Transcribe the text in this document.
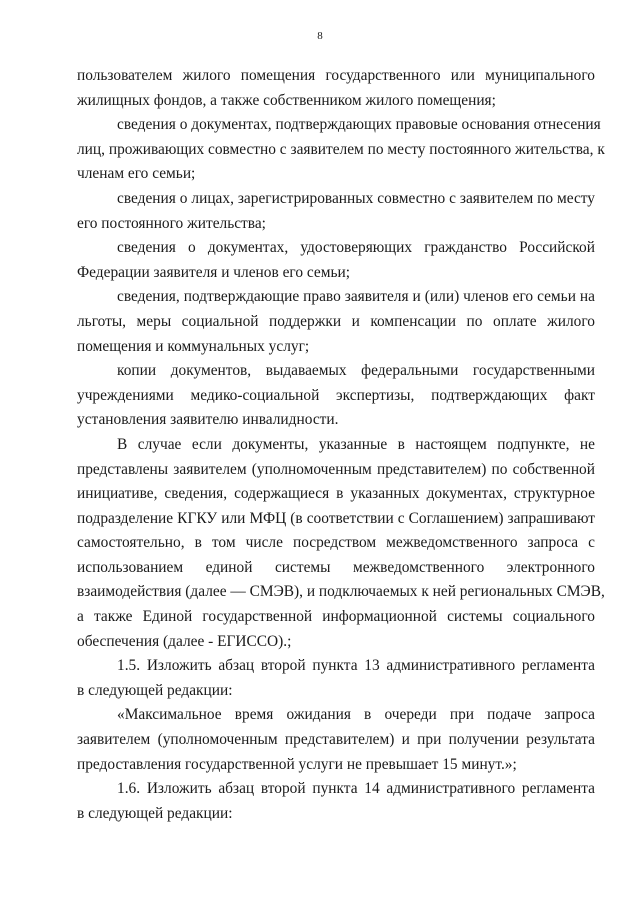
8
пользователем жилого помещения государственного или муниципального
жилищных фондов, а также собственником жилого помещения;
сведения о документах, подтверждающих правовые основания отнесения
лиц, проживающих совместно с заявителем по месту постоянного жительства, к
членам его семьи;
сведения о лицах, зарегистрированных совместно с заявителем по месту
его постоянного жительства;
сведения о документах, удостоверяющих гражданство Российской
Федерации заявителя и членов его семьи;
сведения, подтверждающие право заявителя и (или) членов его семьи на
льготы, меры социальной поддержки и компенсации по оплате жилого
помещения и коммунальных услуг;
копии документов, выдаваемых федеральными государственными
учреждениями медико-социальной экспертизы, подтверждающих факт
установления заявителю инвалидности.
В случае если документы, указанные в настоящем подпункте, не
представлены заявителем (уполномоченным представителем) по собственной
инициативе, сведения, содержащиеся в указанных документах, структурное
подразделение КГКУ или МФЦ (в соответствии с Соглашением) запрашивают
самостоятельно, в том числе посредством межведомственного запроса с
использованием единой системы межведомственного электронного
взаимодействия (далее — СМЭВ), и подключаемых к ней региональных СМЭВ,
а также Единой государственной информационной системы социального
обеспечения (далее - ЕГИССО).;
1.5. Изложить абзац второй пункта 13 административного регламента
в следующей редакции:
«Максимальное время ожидания в очереди при подаче запроса
заявителем (уполномоченным представителем) и при получении результата
предоставления государственной услуги не превышает 15 минут.»;
1.6. Изложить абзац второй пункта 14 административного регламента
в следующей редакции:
